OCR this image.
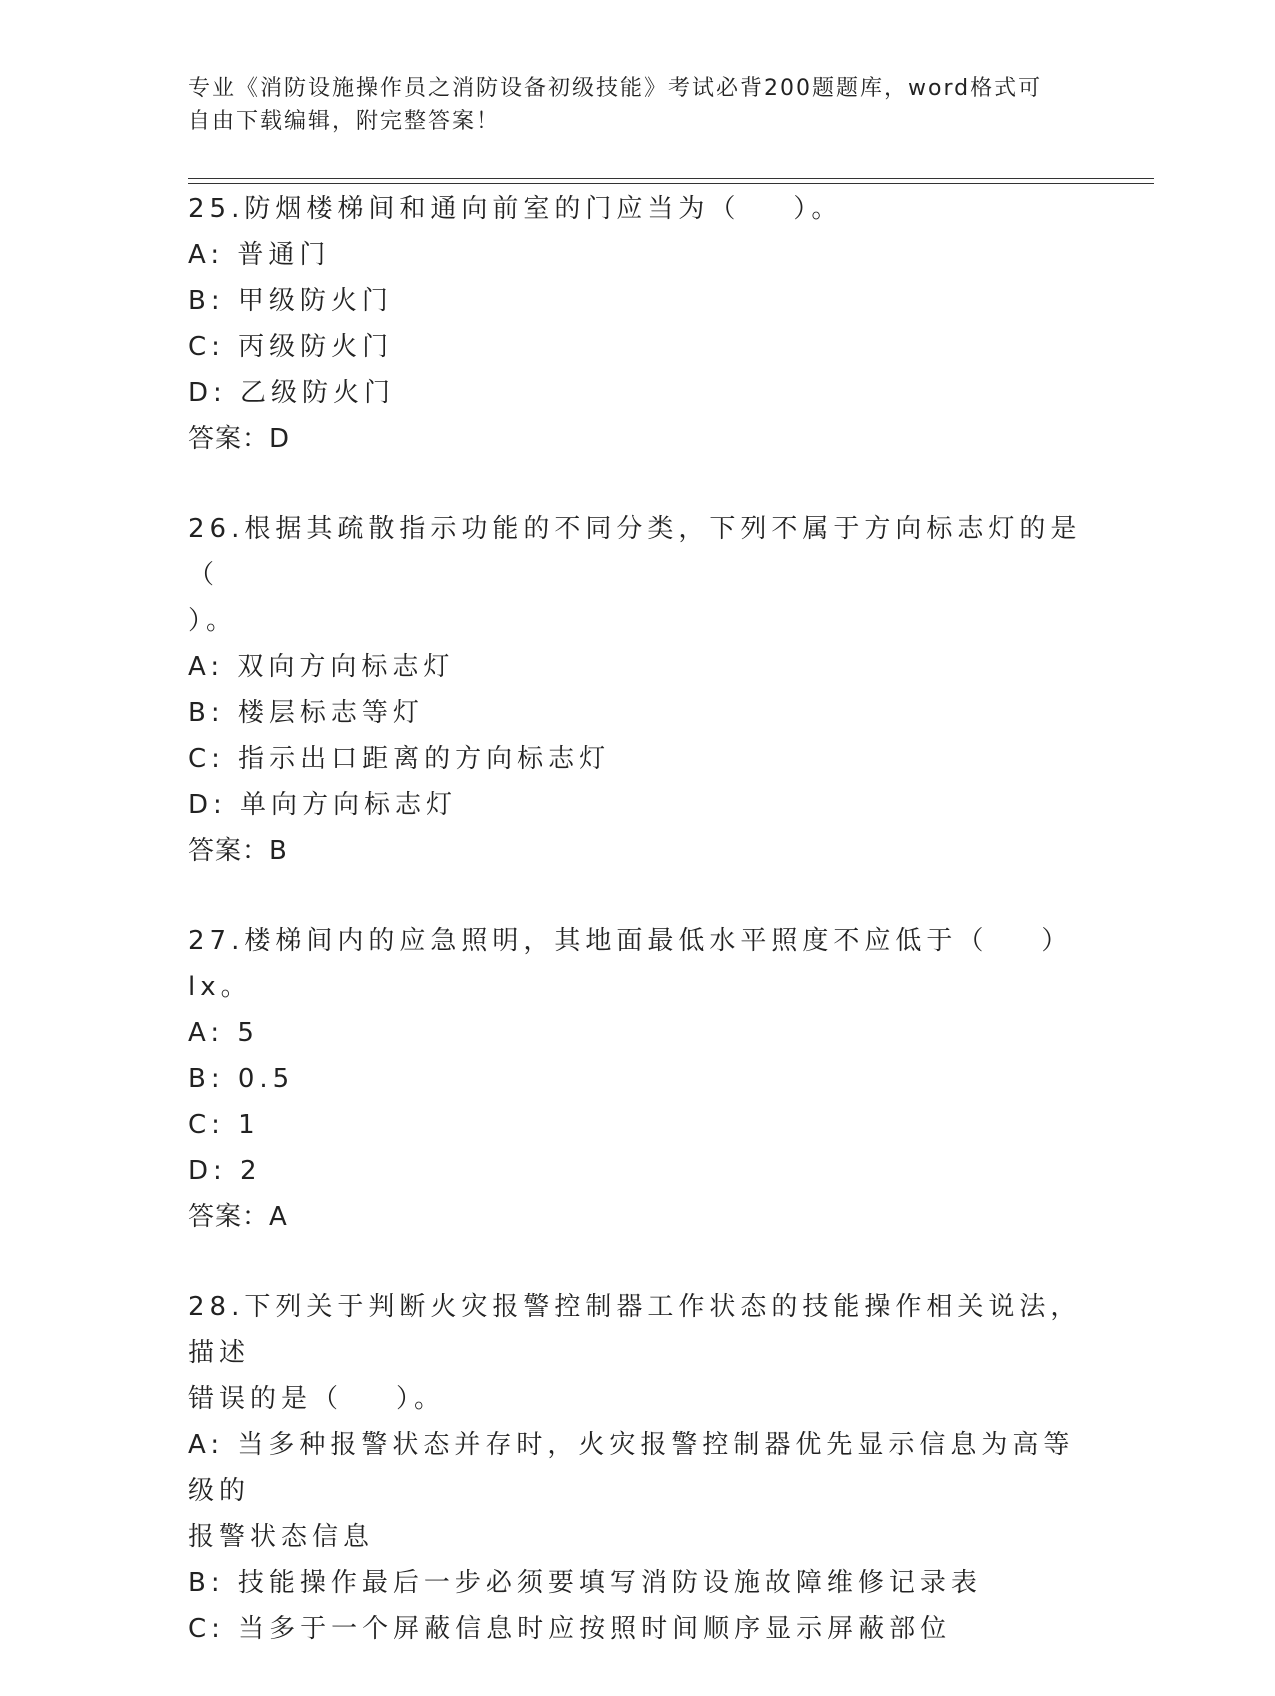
专业《消防设施操作员之消防设备初级技能》考试必背200题题库，word格式可
自由下载编辑，附完整答案！
25.防烟楼梯间和通向前室的门应当为（    ）。
A: 普通门
B: 甲级防火门
C: 丙级防火门
D: 乙级防火门
答案：D
26.根据其疏散指示功能的不同分类，下列不属于方向标志灯的是（
）。
A: 双向方向标志灯
B: 楼层标志等灯
C: 指示出口距离的方向标志灯
D: 单向方向标志灯
答案：B
27.楼梯间内的应急照明，其地面最低水平照度不应低于（    ）lx。
A: 5
B: 0.5
C: 1
D: 2
答案：A
28.下列关于判断火灾报警控制器工作状态的技能操作相关说法，描述
错误的是（    ）。
A: 当多种报警状态并存时，火灾报警控制器优先显示信息为高等级的
报警状态信息
B: 技能操作最后一步必须要填写消防设施故障维修记录表
C: 当多于一个屏蔽信息时应按照时间顺序显示屏蔽部位
